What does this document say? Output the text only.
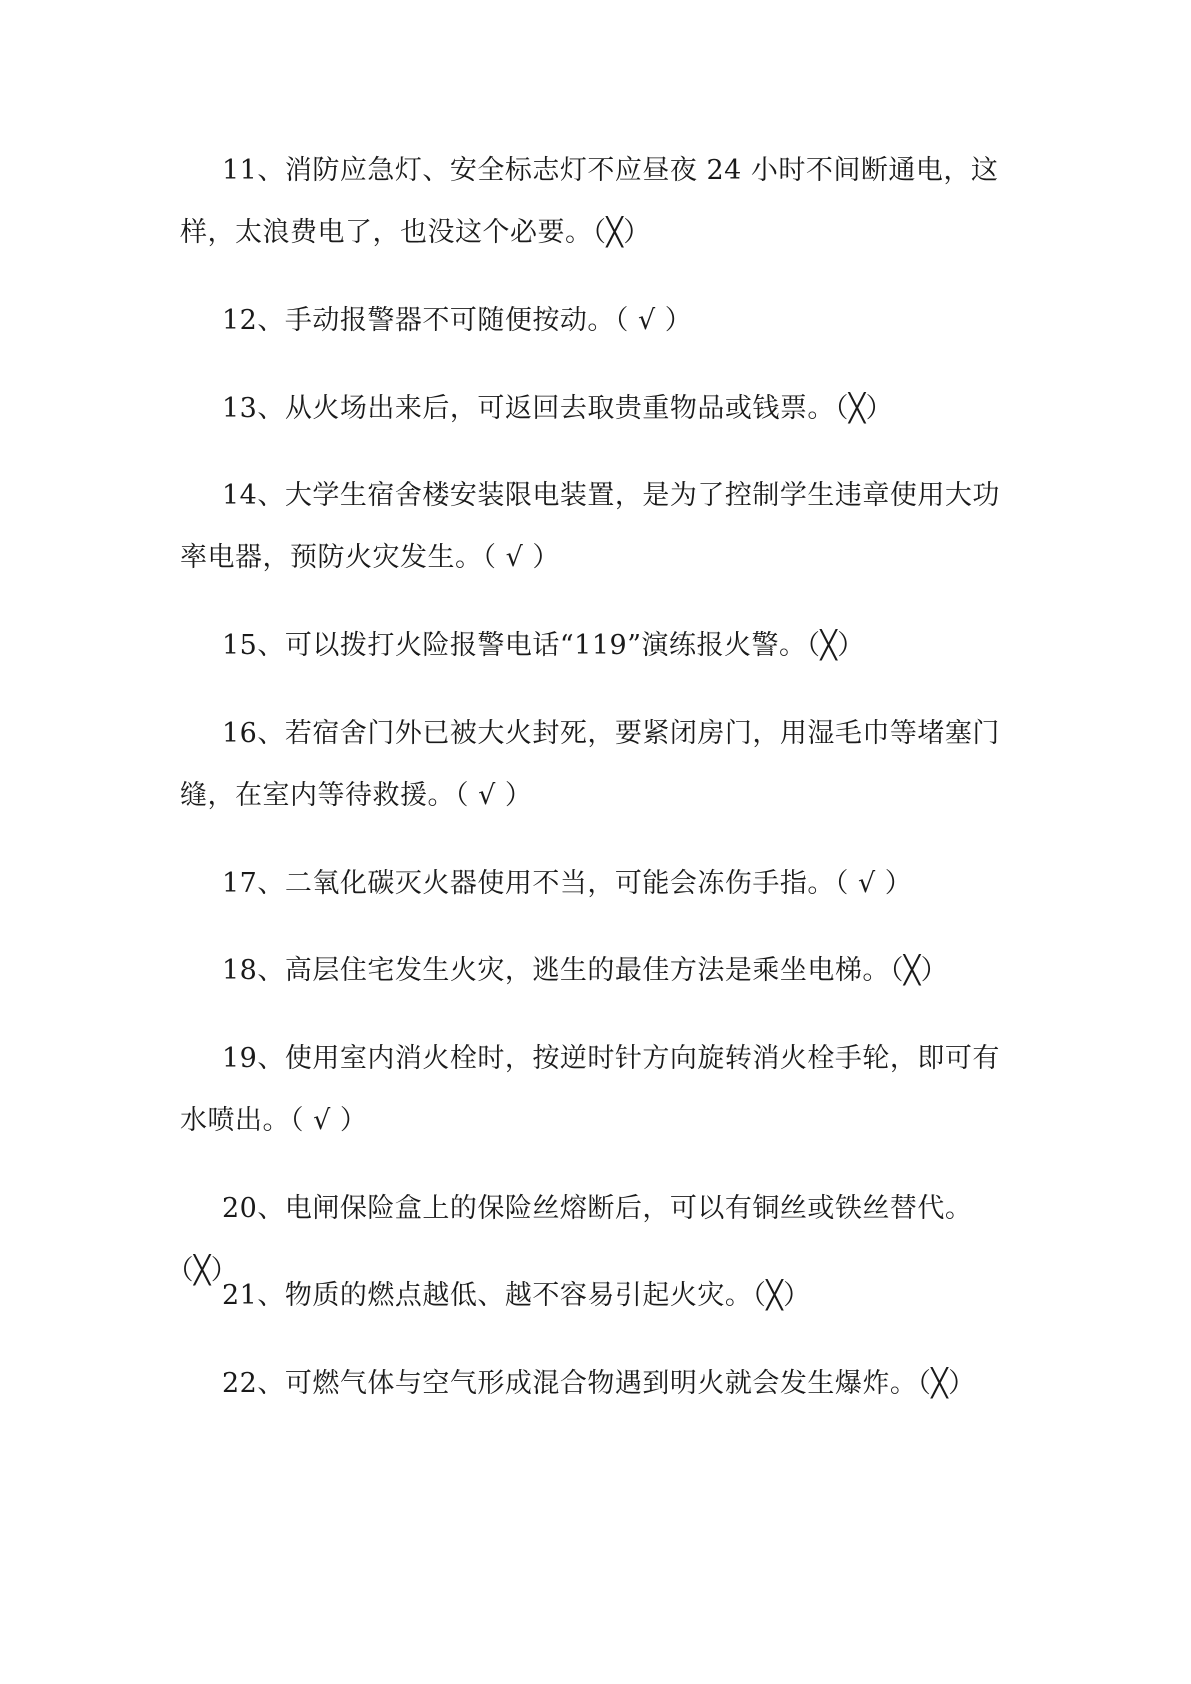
11、消防应急灯、安全标志灯不应昼夜 24 小时不间断通电，这样，太浪费电了，也没这个必要。（╳）

12、手动报警器不可随便按动。（ √ ）

13、从火场出来后，可返回去取贵重物品或钱票。（╳）

14、大学生宿舍楼安装限电装置，是为了控制学生违章使用大功率电器，预防火灾发生。（ √ ）

15、可以拨打火险报警电话“119”演练报火警。（╳）

16、若宿舍门外已被大火封死，要紧闭房门，用湿毛巾等堵塞门缝，在室内等待救援。（ √ ）

17、二氧化碳灭火器使用不当，可能会冻伤手指。（ √ ）

18、高层住宅发生火灾，逃生的最佳方法是乘坐电梯。（╳）

19、使用室内消火栓时，按逆时针方向旋转消火栓手轮，即可有水喷出。（ √ ）

20、电闸保险盒上的保险丝熔断后，可以有铜丝或铁丝替代。（╳）

21、物质的燃点越低、越不容易引起火灾。（╳）

22、可燃气体与空气形成混合物遇到明火就会发生爆炸。（╳）
